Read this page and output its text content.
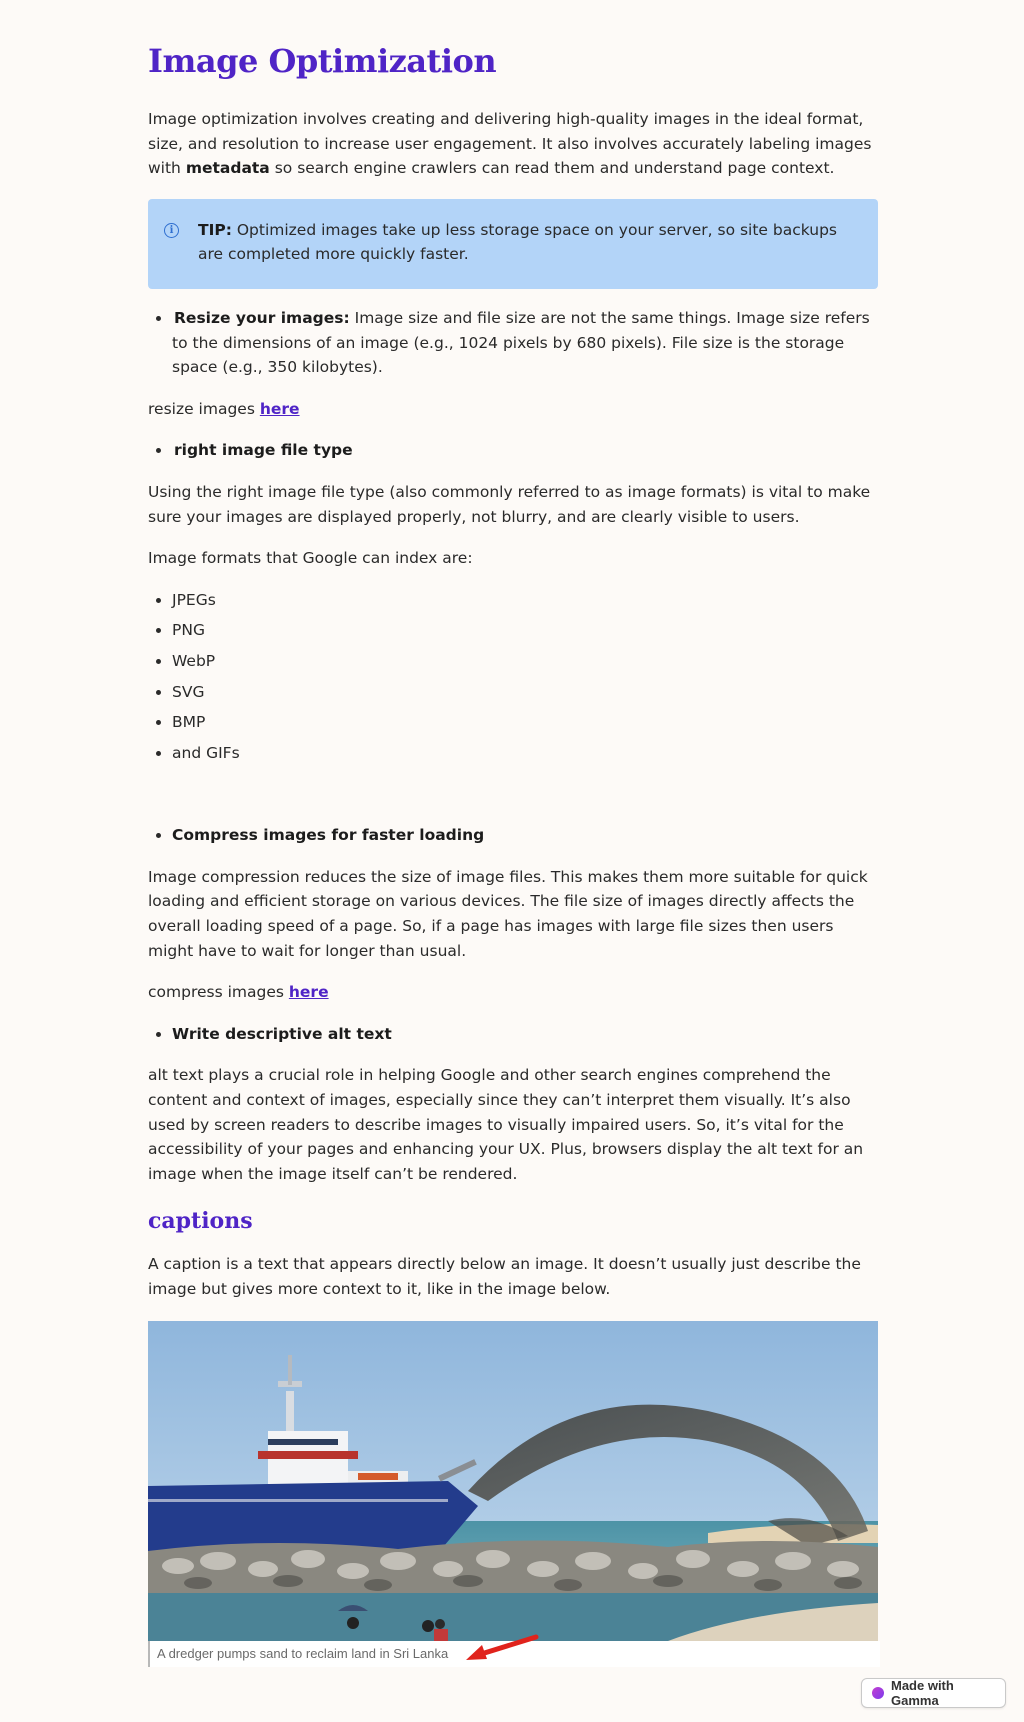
Image Optimization

Image optimization involves creating and delivering high-quality images in the ideal format, size, and resolution to increase user engagement. It also involves accurately labeling images with metadata so search engine crawlers can read them and understand page context.

i	TIP: Optimized images take up less storage space on your server, so site backups are completed more quickly faster.
• Resize your images: Image size and file size are not the same things. Image size refers to the dimensions of an image (e.g., 1024 pixels by 680 pixels). File size is the storage space (e.g., 350 kilobytes).

resize images here

• right image file type

Using the right image file type (also commonly referred to as image formats) is vital to make sure your images are displayed properly, not blurry, and are clearly visible to users.

Image formats that Google can index are:

• JPEGs
• PNG
• WebP
• SVG
• BMP
• and GIFs
• Compress images for faster loading

Image compression reduces the size of image files. This makes them more suitable for quick loading and efficient storage on various devices. The file size of images directly affects the overall loading speed of a page. So, if a page has images with large file sizes then users might have to wait for longer than usual.

compress images here

• Write descriptive alt text

alt text plays a crucial role in helping Google and other search engines comprehend the content and context of images, especially since they can’t interpret them visually. It’s also used by screen readers to describe images to visually impaired users. So, it’s vital for the accessibility of your pages and enhancing your UX. Plus, browsers display the alt text for an image when the image itself can’t be rendered.

captions

A caption is a text that appears directly below an image. It doesn’t usually just describe the image but gives more context to it, like in the image below.

A dredger pumps sand to reclaim land in Sri Lanka
Made with Gamma
